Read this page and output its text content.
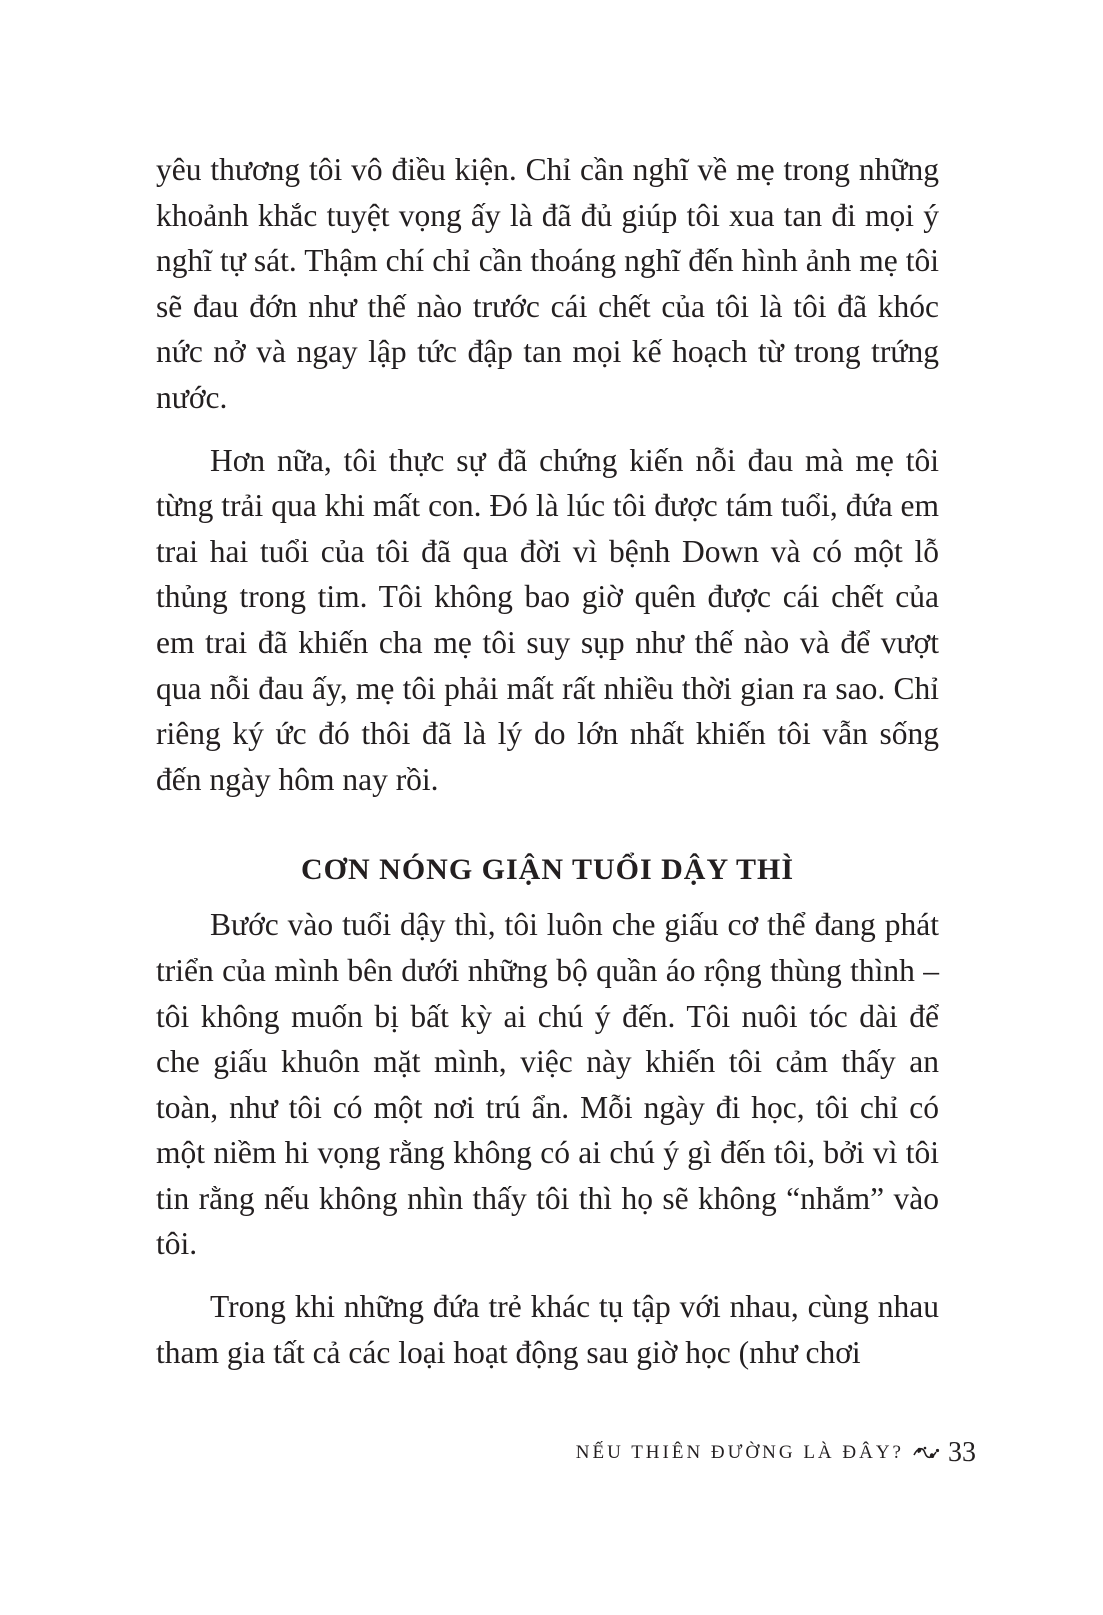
yêu thương tôi vô điều kiện. Chỉ cần nghĩ về mẹ trong những khoảnh khắc tuyệt vọng ấy là đã đủ giúp tôi xua tan đi mọi ý nghĩ tự sát. Thậm chí chỉ cần thoáng nghĩ đến hình ảnh mẹ tôi sẽ đau đớn như thế nào trước cái chết của tôi là tôi đã khóc nức nở và ngay lập tức đập tan mọi kế hoạch từ trong trứng nước.

Hơn nữa, tôi thực sự đã chứng kiến nỗi đau mà mẹ tôi từng trải qua khi mất con. Đó là lúc tôi được tám tuổi, đứa em trai hai tuổi của tôi đã qua đời vì bệnh Down và có một lỗ thủng trong tim. Tôi không bao giờ quên được cái chết của em trai đã khiến cha mẹ tôi suy sụp như thế nào và để vượt qua nỗi đau ấy, mẹ tôi phải mất rất nhiều thời gian ra sao. Chỉ riêng ký ức đó thôi đã là lý do lớn nhất khiến tôi vẫn sống đến ngày hôm nay rồi.

CƠN NÓNG GIẬN TUỔI DẬY THÌ

Bước vào tuổi dậy thì, tôi luôn che giấu cơ thể đang phát triển của mình bên dưới những bộ quần áo rộng thùng thình – tôi không muốn bị bất kỳ ai chú ý đến. Tôi nuôi tóc dài để che giấu khuôn mặt mình, việc này khiến tôi cảm thấy an toàn, như tôi có một nơi trú ẩn. Mỗi ngày đi học, tôi chỉ có một niềm hi vọng rằng không có ai chú ý gì đến tôi, bởi vì tôi tin rằng nếu không nhìn thấy tôi thì họ sẽ không “nhắm” vào tôi.

Trong khi những đứa trẻ khác tụ tập với nhau, cùng nhau tham gia tất cả các loại hoạt động sau giờ học (như chơi

NẾU THIÊN ĐƯỜNG LÀ ĐÂY? 33
